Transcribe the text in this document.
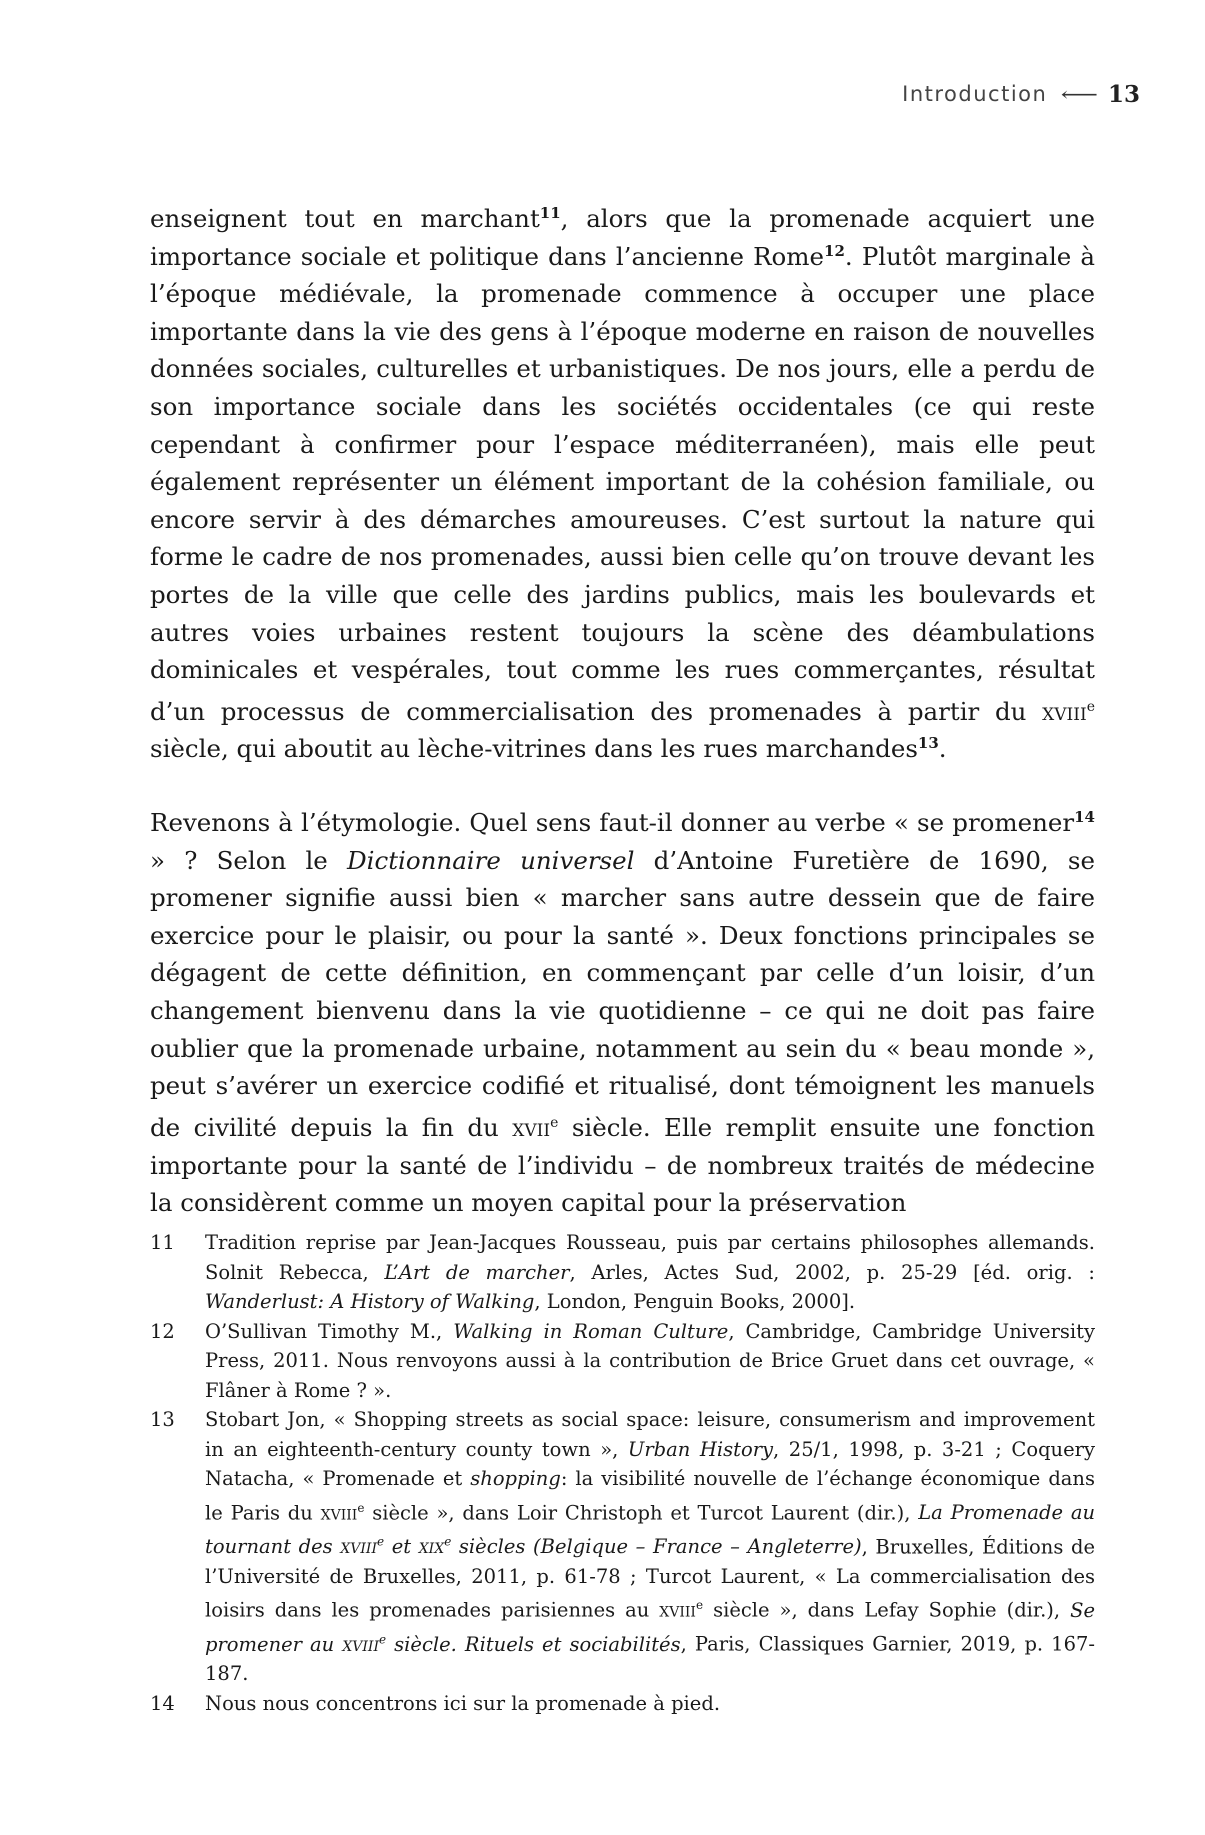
Introduction ⟵ 13

enseignent tout en marchant$^{11}$, alors que la promenade acquiert une importance sociale et politique dans l’ancienne Rome$^{12}$. Plutôt marginale à l’époque médiévale, la promenade commence à occuper une place importante dans la vie des gens à l’époque moderne en raison de nouvelles données sociales, culturelles et urbanistiques. De nos jours, elle a perdu de son importance sociale dans les sociétés occidentales (ce qui reste cependant à confirmer pour l’espace méditerranéen), mais elle peut également représenter un élément important de la cohésion familiale, ou encore servir à des démarches amoureuses. C’est surtout la nature qui forme le cadre de nos promenades, aussi bien celle qu’on trouve devant les portes de la ville que celle des jardins publics, mais les boulevards et autres voies urbaines restent toujours la scène des déambulations dominicales et vespérales, tout comme les rues commerçantes, résultat d’un processus de commercialisation des promenades à partir du xviii$^e$ siècle, qui aboutit au lèche-vitrines dans les rues marchandes$^{13}$.

Revenons à l’étymologie. Quel sens faut-il donner au verbe « se promener$^{14}$ » ? Selon le Dictionnaire universel d’Antoine Furetière de 1690, se promener signifie aussi bien « marcher sans autre dessein que de faire exercice pour le plaisir, ou pour la santé ». Deux fonctions principales se dégagent de cette définition, en commençant par celle d’un loisir, d’un changement bienvenu dans la vie quotidienne – ce qui ne doit pas faire oublier que la promenade urbaine, notamment au sein du « beau monde », peut s’avérer un exercice codifié et ritualisé, dont témoignent les manuels de civilité depuis la fin du xvii$^e$ siècle. Elle remplit ensuite une fonction importante pour la santé de l’individu – de nombreux traités de médecine la considèrent comme un moyen capital pour la préservation

11	Tradition reprise par Jean-Jacques Rousseau, puis par certains philosophes allemands. Solnit Rebecca, L’Art de marcher, Arles, Actes Sud, 2002, p. 25-29 [éd. orig. : Wanderlust: A History of Walking, London, Penguin Books, 2000].
12	O’Sullivan Timothy M., Walking in Roman Culture, Cambridge, Cambridge University Press, 2011. Nous renvoyons aussi à la contribution de Brice Gruet dans cet ouvrage, « Flâner à Rome ? ».
13	Stobart Jon, « Shopping streets as social space: leisure, consumerism and improvement in an eighteenth-century county town », Urban History, 25/1, 1998, p. 3-21 ; Coquery Natacha, « Promenade et shopping: la visibilité nouvelle de l’échange économique dans le Paris du xviii$^e$ siècle », dans Loir Christoph et Turcot Laurent (dir.), La Promenade au tournant des xviii$^e$ et xix$^e$ siècles (Belgique – France – Angleterre), Bruxelles, Éditions de l’Université de Bruxelles, 2011, p. 61-78 ; Turcot Laurent, « La commercialisation des loisirs dans les promenades parisiennes au xviii$^e$ siècle », dans Lefay Sophie (dir.), Se promener au xviii$^e$ siècle. Rituels et sociabilités, Paris, Classiques Garnier, 2019, p. 167-187.
14	Nous nous concentrons ici sur la promenade à pied.
